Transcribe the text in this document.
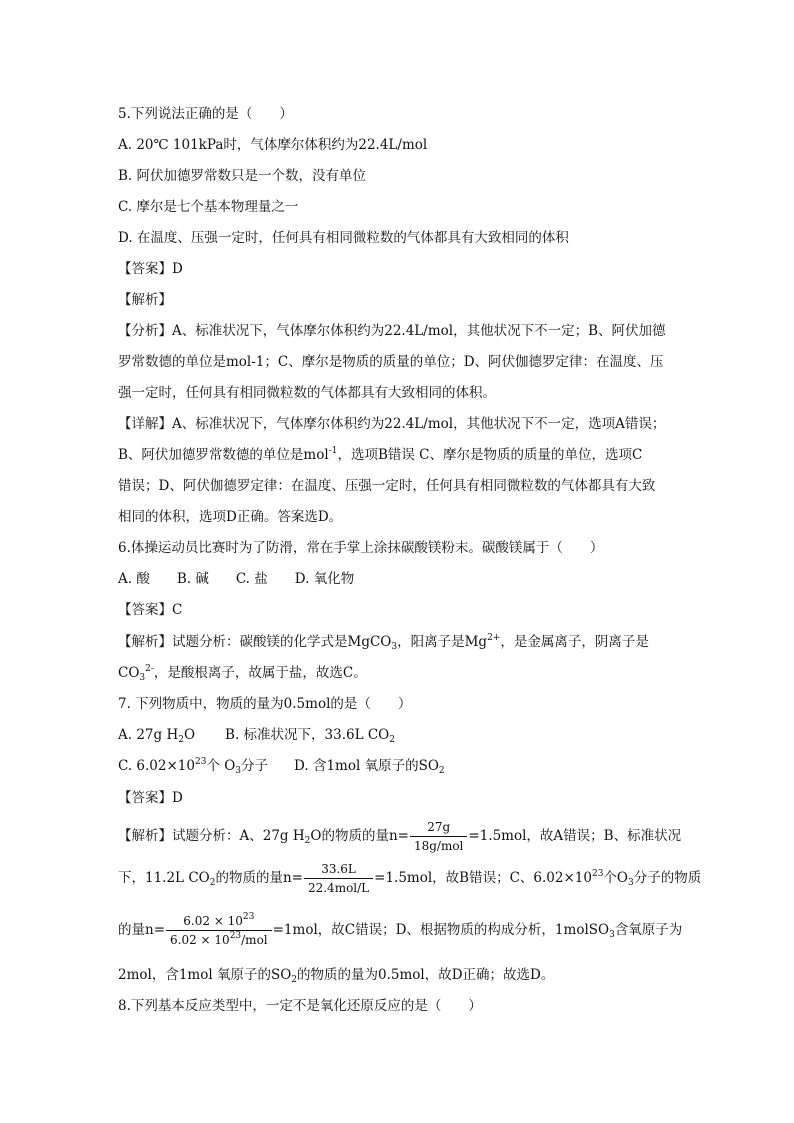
5.下列说法正确的是（　　）
A. 20℃ 101kPa时，气体摩尔体积约为22.4L/mol
B. 阿伏加德罗常数只是一个数，没有单位
C. 摩尔是七个基本物理量之一
D. 在温度、压强一定时，任何具有相同微粒数的气体都具有大致相同的体积
【答案】D
【解析】
【分析】A、标准状况下，气体摩尔体积约为22.4L/mol，其他状况下不一定；B、阿伏加德
罗常数德的单位是mol-1；C、摩尔是物质的质量的单位；D、阿伏伽德罗定律：在温度、压
强一定时，任何具有相同微粒数的气体都具有大致相同的体积。
【详解】A、标准状况下，气体摩尔体积约为22.4L/mol，其他状况下不一定，选项A错误；
B、阿伏加德罗常数德的单位是mol$^{-1}$，选项B错误 C、摩尔是物质的质量的单位，选项C
错误；D、阿伏伽德罗定律：在温度、压强一定时，任何具有相同微粒数的气体都具有大致
相同的体积，选项D正确。答案选D。
6.体操运动员比赛时为了防滑，常在手掌上涂抹碳酸镁粉末。碳酸镁属于（　　）
A. 酸　　B. 碱　　C. 盐　　D. 氧化物
【答案】C
【解析】试题分析：碳酸镁的化学式是MgCO$_3$，阳离子是$Mg^{2+}$，是金属离子，阴离子是
$CO_3^{2-}$，是酸根离子，故属于盐，故选C。
7. 下列物质中，物质的量为0.5mol的是（　　）
A. 27g $H_2O$ B. 标准状况下，33.6L $CO_2$
C. $6.02\times 10^{23}$个 $O_3$分子 D. 含1mol 氧原子的$SO_2$
【答案】D
【解析】试题分析：A、27g $H_2O$的物质的量$n= \frac{27g}{\text{18g/mol}} =1.5mol$，故A错误；B、标准状况
下，11.2L $CO_2$的物质的量$n= \frac{33.6L}{\text{22.4mol/L}} =1.5mol$，故B错误；C、$6.02\times 10^{23}$个$O_3$分子的物质
的量$n= \frac{6.02 \times 10^{23}}{6.02 \times 10^{23}/mol} =1mol$，故C错误；D、根据物质的构成分析，1molSO$_3$含氧原子为
2mol，含1mol 氧原子的$SO_2$的物质的量为0.5mol，故D正确；故选D。
8.下列基本反应类型中，一定不是氧化还原反应的是（　　）
